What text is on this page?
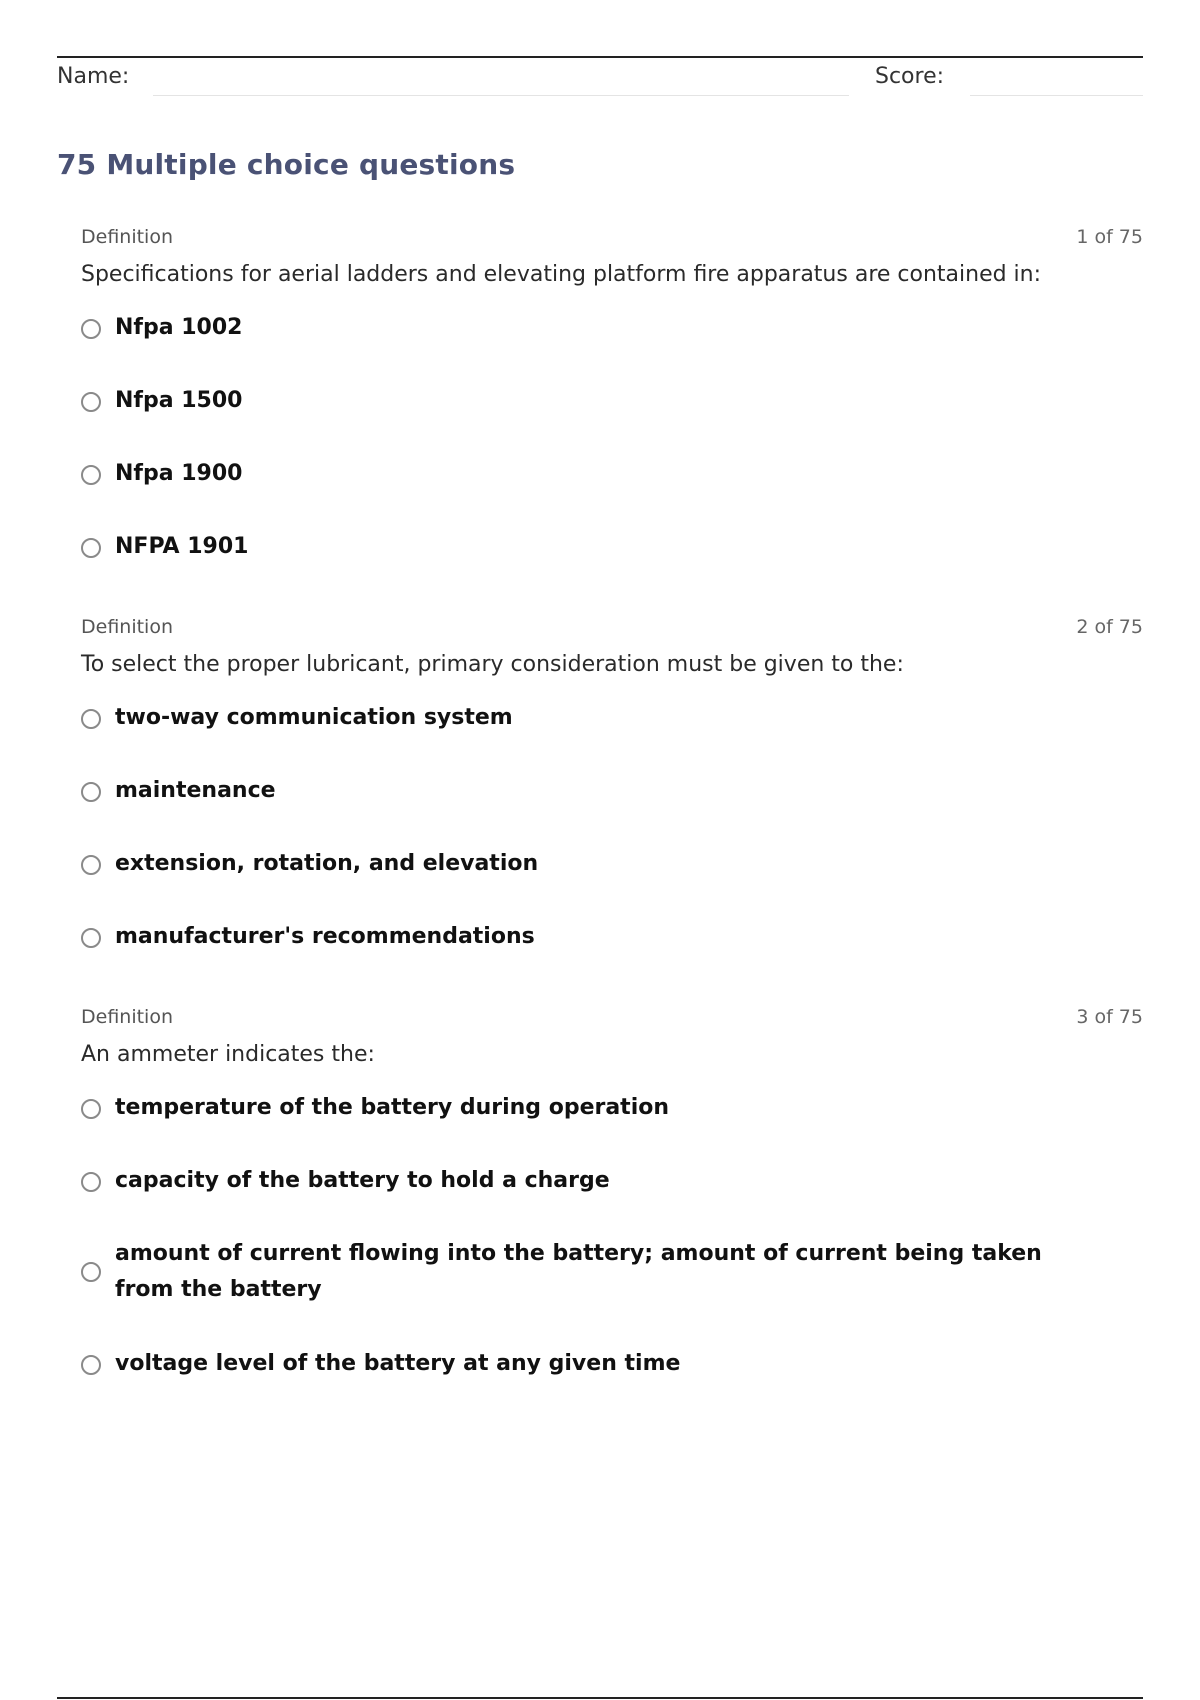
Name:	Score:
75 Multiple choice questions
Definition	1 of 75
Specifications for aerial ladders and elevating platform fire apparatus are contained in:
Nfpa 1002
Nfpa 1500
Nfpa 1900
NFPA 1901
Definition	2 of 75
To select the proper lubricant, primary consideration must be given to the:
two-way communication system
maintenance
extension, rotation, and elevation
manufacturer's recommendations
Definition	3 of 75
An ammeter indicates the:
temperature of the battery during operation
capacity of the battery to hold a charge
amount of current flowing into the battery; amount of current being taken from the battery
voltage level of the battery at any given time
